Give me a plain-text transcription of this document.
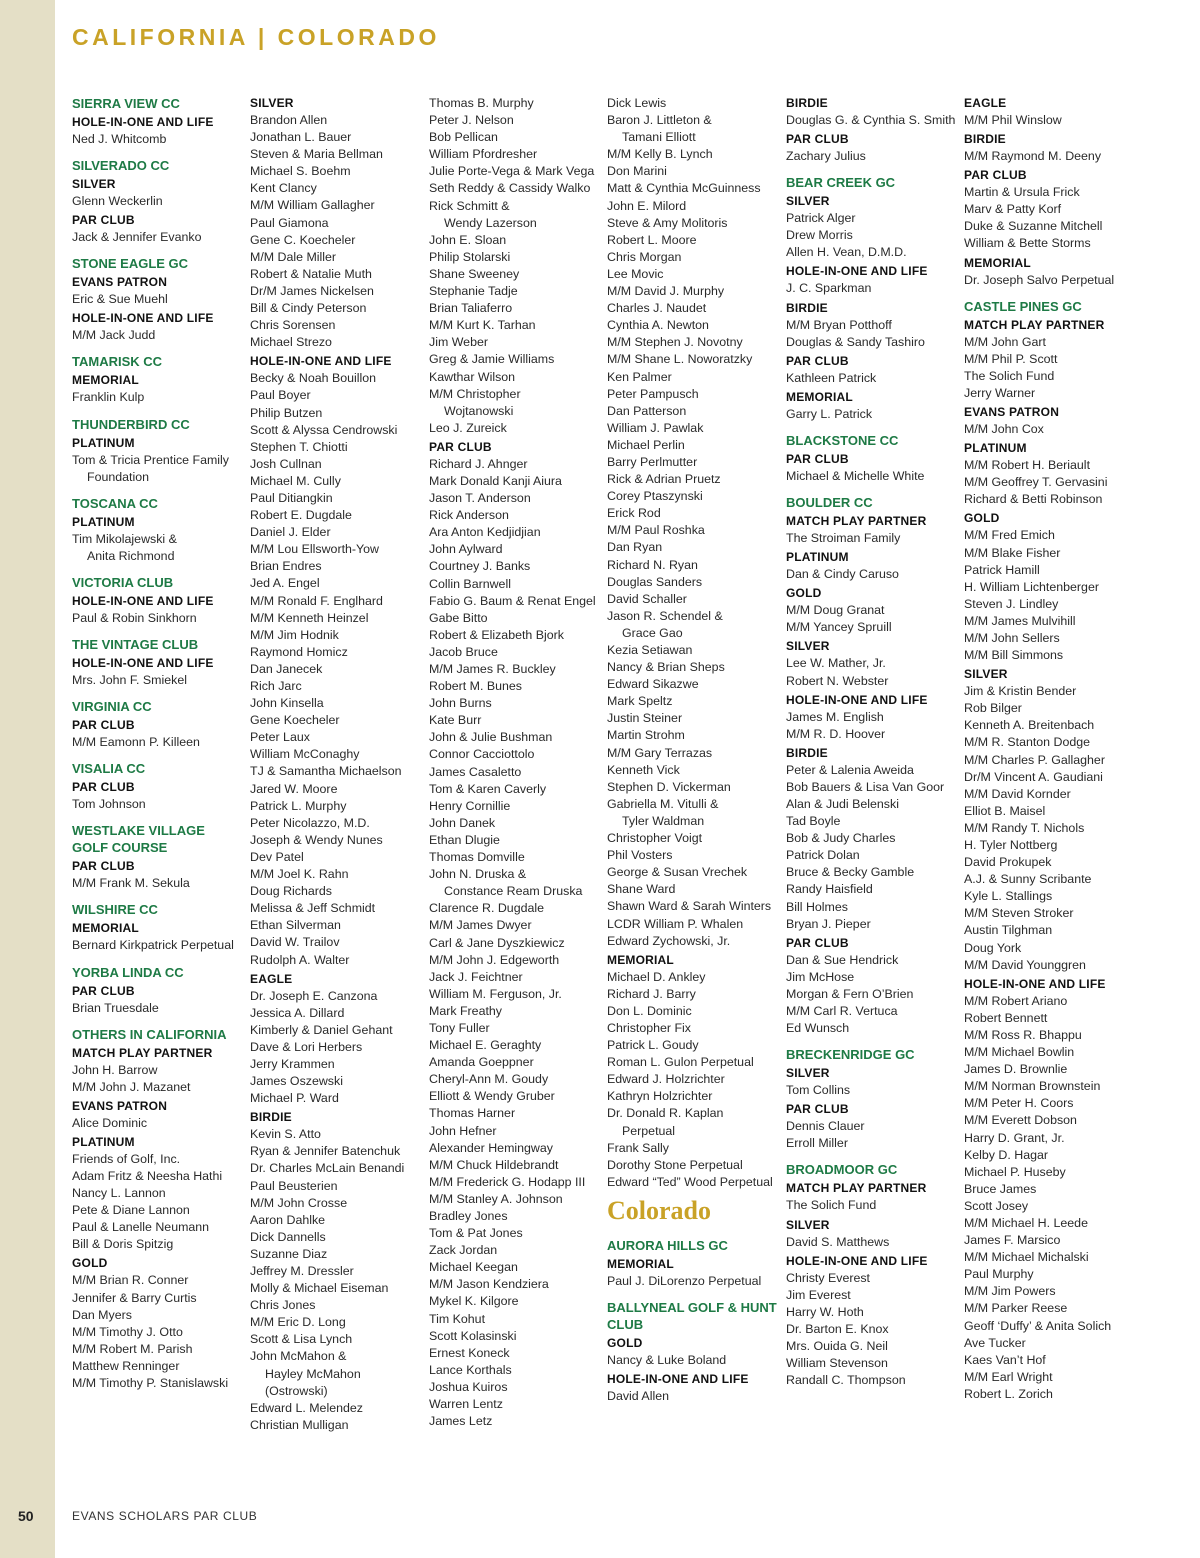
CALIFORNIA | COLORADO
SIERRA VIEW CC
HOLE-IN-ONE AND LIFE
Ned J. Whitcomb
SILVERADO CC
SILVER
Glenn Weckerlin
PAR CLUB
Jack & Jennifer Evanko
STONE EAGLE GC
EVANS PATRON
Eric & Sue Muehl
HOLE-IN-ONE AND LIFE
M/M Jack Judd
TAMARISK CC
MEMORIAL
Franklin Kulp
THUNDERBIRD CC
PLATINUM
Tom & Tricia Prentice Family
Foundation
TOSCANA CC
PLATINUM
Tim Mikolajewski &
Anita Richmond
VICTORIA CLUB
HOLE-IN-ONE AND LIFE
Paul & Robin Sinkhorn
THE VINTAGE CLUB
HOLE-IN-ONE AND LIFE
Mrs. John F. Smiekel
VIRGINIA CC
PAR CLUB
M/M Eamonn P. Killeen
VISALIA CC
PAR CLUB
Tom Johnson
WESTLAKE VILLAGE GOLF COURSE
PAR CLUB
M/M Frank M. Sekula
WILSHIRE CC
MEMORIAL
Bernard Kirkpatrick Perpetual
YORBA LINDA CC
PAR CLUB
Brian Truesdale
OTHERS IN CALIFORNIA
MATCH PLAY PARTNER
John H. Barrow
M/M John J. Mazanet
EVANS PATRON
Alice Dominic
PLATINUM
Friends of Golf, Inc.
Adam Fritz & Neesha Hathi
Nancy L. Lannon
Pete & Diane Lannon
Paul & Lanelle Neumann
Bill & Doris Spitzig
GOLD
M/M Brian R. Conner
Jennifer & Barry Curtis
Dan Myers
M/M Timothy J. Otto
M/M Robert M. Parish
Matthew Renninger
M/M Timothy P. Stanislawski
SILVER
Brandon Allen
Jonathan L. Bauer
Steven & Maria Bellman
Michael S. Boehm
Kent Clancy
M/M William Gallagher
Paul Giamona
Gene C. Koecheler
M/M Dale Miller
Robert & Natalie Muth
Dr/M James Nickelsen
Bill & Cindy Peterson
Chris Sorensen
Michael Strezo
HOLE-IN-ONE AND LIFE
Becky & Noah Bouillon
Paul Boyer
Philip Butzen
Scott & Alyssa Cendrowski
Stephen T. Chiotti
Josh Cullnan
Michael M. Cully
Paul Ditiangkin
Robert E. Dugdale
Daniel J. Elder
M/M Lou Ellsworth-Yow
Brian Endres
Jed A. Engel
M/M Ronald F. Englhard
M/M Kenneth Heinzel
M/M Jim Hodnik
Raymond Homicz
Dan Janecek
Rich Jarc
John Kinsella
Gene Koecheler
Peter Laux
William McConaghy
TJ & Samantha Michaelson
Jared W. Moore
Patrick L. Murphy
Peter Nicolazzo, M.D.
Joseph & Wendy Nunes
Dev Patel
M/M Joel K. Rahn
Doug Richards
Melissa & Jeff Schmidt
Ethan Silverman
David W. Trailov
Rudolph A. Walter
EAGLE
Dr. Joseph E. Canzona
Jessica A. Dillard
Kimberly & Daniel Gehant
Dave & Lori Herbers
Jerry Krammen
James Oszewski
Michael P. Ward
BIRDIE
Kevin S. Atto
Ryan & Jennifer Batenchuk
Dr. Charles McLain Benandi
Paul Beusterien
M/M John Crosse
Aaron Dahlke
Dick Dannells
Suzanne Diaz
Jeffrey M. Dressler
Molly & Michael Eiseman
Chris Jones
M/M Eric D. Long
Scott & Lisa Lynch
John McMahon &
Hayley McMahon
(Ostrowski)
Edward L. Melendez
Christian Mulligan
Thomas B. Murphy
Peter J. Nelson
Bob Pellican
William Pfordresher
Julie Porte-Vega & Mark Vega
Seth Reddy & Cassidy Walko
Rick Schmitt &
Wendy Lazerson
John E. Sloan
Philip Stolarski
Shane Sweeney
Stephanie Tadje
Brian Taliaferro
M/M Kurt K. Tarhan
Jim Weber
Greg & Jamie Williams
Kawthar Wilson
M/M Christopher
Wojtanowski
Leo J. Zureick
PAR CLUB
Richard J. Ahnger
Mark Donald Kanji Aiura
Jason T. Anderson
Rick Anderson
Ara Anton Kedjidjian
John Aylward
Courtney J. Banks
Collin Barnwell
Fabio G. Baum & Renat Engel
Gabe Bitto
Robert & Elizabeth Bjork
Jacob Bruce
M/M James R. Buckley
Robert M. Bunes
John Burns
Kate Burr
John & Julie Bushman
Connor Cacciottolo
James Casaletto
Tom & Karen Caverly
Henry Cornillie
John Danek
Ethan Dlugie
Thomas Domville
John N. Druska &
Constance Ream Druska
Clarence R. Dugdale
M/M James Dwyer
Carl & Jane Dyszkiewicz
M/M John J. Edgeworth
Jack J. Feichtner
William M. Ferguson, Jr.
Mark Freathy
Tony Fuller
Michael E. Geraghty
Amanda Goeppner
Cheryl-Ann M. Goudy
Elliott & Wendy Gruber
Thomas Harner
John Hefner
Alexander Hemingway
M/M Chuck Hildebrandt
M/M Frederick G. Hodapp III
M/M Stanley A. Johnson
Bradley Jones
Tom & Pat Jones
Zack Jordan
Michael Keegan
M/M Jason Kendziera
Mykel K. Kilgore
Tim Kohut
Scott Kolasinski
Ernest Koneck
Lance Korthals
Joshua Kuiros
Warren Lentz
James Letz
Dick Lewis
Baron J. Littleton &
Tamani Elliott
M/M Kelly B. Lynch
Don Marini
Matt & Cynthia McGuinness
John E. Milord
Steve & Amy Molitoris
Robert L. Moore
Chris Morgan
Lee Movic
M/M David J. Murphy
Charles J. Naudet
Cynthia A. Newton
M/M Stephen J. Novotny
M/M Shane L. Noworatzky
Ken Palmer
Peter Pampusch
Dan Patterson
William J. Pawlak
Michael Perlin
Barry Perlmutter
Rick & Adrian Pruetz
Corey Ptaszynski
Erick Rod
M/M Paul Roshka
Dan Ryan
Richard N. Ryan
Douglas Sanders
David Schaller
Jason R. Schendel &
Grace Gao
Kezia Setiawan
Nancy & Brian Sheps
Edward Sikazwe
Mark Speltz
Justin Steiner
Martin Strohm
M/M Gary Terrazas
Kenneth Vick
Stephen D. Vickerman
Gabriella M. Vitulli &
Tyler Waldman
Christopher Voigt
Phil Vosters
George & Susan Vrechek
Shane Ward
Shawn Ward & Sarah Winters
LCDR William P. Whalen
Edward Zychowski, Jr.
MEMORIAL
Michael D. Ankley
Richard J. Barry
Don L. Dominic
Christopher Fix
Patrick L. Goudy
Roman L. Gulon Perpetual
Edward J. Holzrichter
Kathryn Holzrichter
Dr. Donald R. Kaplan
Perpetual
Frank Sally
Dorothy Stone Perpetual
Edward “Ted” Wood Perpetual
Colorado
AURORA HILLS GC
MEMORIAL
Paul J. DiLorenzo Perpetual
BALLYNEAL GOLF & HUNT CLUB
GOLD
Nancy & Luke Boland
HOLE-IN-ONE AND LIFE
David Allen
BIRDIE
Douglas G. & Cynthia S. Smith
PAR CLUB
Zachary Julius
BEAR CREEK GC
SILVER
Patrick Alger
Drew Morris
Allen H. Vean, D.M.D.
HOLE-IN-ONE AND LIFE
J. C. Sparkman
BIRDIE
M/M Bryan Potthoff
Douglas & Sandy Tashiro
PAR CLUB
Kathleen Patrick
MEMORIAL
Garry L. Patrick
BLACKSTONE CC
PAR CLUB
Michael & Michelle White
BOULDER CC
MATCH PLAY PARTNER
The Stroiman Family
PLATINUM
Dan & Cindy Caruso
GOLD
M/M Doug Granat
M/M Yancey Spruill
SILVER
Lee W. Mather, Jr.
Robert N. Webster
HOLE-IN-ONE AND LIFE
James M. English
M/M R. D. Hoover
BIRDIE
Peter & Lalenia Aweida
Bob Bauers & Lisa Van Goor
Alan & Judi Belenski
Tad Boyle
Bob & Judy Charles
Patrick Dolan
Bruce & Becky Gamble
Randy Haisfield
Bill Holmes
Bryan J. Pieper
PAR CLUB
Dan & Sue Hendrick
Jim McHose
Morgan & Fern O’Brien
M/M Carl R. Vertuca
Ed Wunsch
BRECKENRIDGE GC
SILVER
Tom Collins
PAR CLUB
Dennis Clauer
Erroll Miller
BROADMOOR GC
MATCH PLAY PARTNER
The Solich Fund
SILVER
David S. Matthews
HOLE-IN-ONE AND LIFE
Christy Everest
Jim Everest
Harry W. Hoth
Dr. Barton E. Knox
Mrs. Ouida G. Neil
William Stevenson
Randall C. Thompson
EAGLE
M/M Phil Winslow
BIRDIE
M/M Raymond M. Deeny
PAR CLUB
Martin & Ursula Frick
Marv & Patty Korf
Duke & Suzanne Mitchell
William & Bette Storms
MEMORIAL
Dr. Joseph Salvo Perpetual
CASTLE PINES GC
MATCH PLAY PARTNER
M/M John Gart
M/M Phil P. Scott
The Solich Fund
Jerry Warner
EVANS PATRON
M/M John Cox
PLATINUM
M/M Robert H. Beriault
M/M Geoffrey T. Gervasini
Richard & Betti Robinson
GOLD
M/M Fred Emich
M/M Blake Fisher
Patrick Hamill
H. William Lichtenberger
Steven J. Lindley
M/M James Mulvihill
M/M John Sellers
M/M Bill Simmons
SILVER
Jim & Kristin Bender
Rob Bilger
Kenneth A. Breitenbach
M/M R. Stanton Dodge
M/M Charles P. Gallagher
Dr/M Vincent A. Gaudiani
M/M David Kornder
Elliot B. Maisel
M/M Randy T. Nichols
H. Tyler Nottberg
David Prokupek
A.J. & Sunny Scribante
Kyle L. Stallings
M/M Steven Stroker
Austin Tilghman
Doug York
M/M David Younggren
HOLE-IN-ONE AND LIFE
M/M Robert Ariano
Robert Bennett
M/M Ross R. Bhappu
M/M Michael Bowlin
James D. Brownlie
M/M Norman Brownstein
M/M Peter H. Coors
M/M Everett Dobson
Harry D. Grant, Jr.
Kelby D. Hagar
Michael P. Huseby
Bruce James
Scott Josey
M/M Michael H. Leede
James F. Marsico
M/M Michael Michalski
Paul Murphy
M/M Jim Powers
M/M Parker Reese
Geoff ‘Duffy’ & Anita Solich
Ave Tucker
Kaes Van’t Hof
M/M Earl Wright
Robert L. Zorich
50	EVANS SCHOLARS PAR CLUB
